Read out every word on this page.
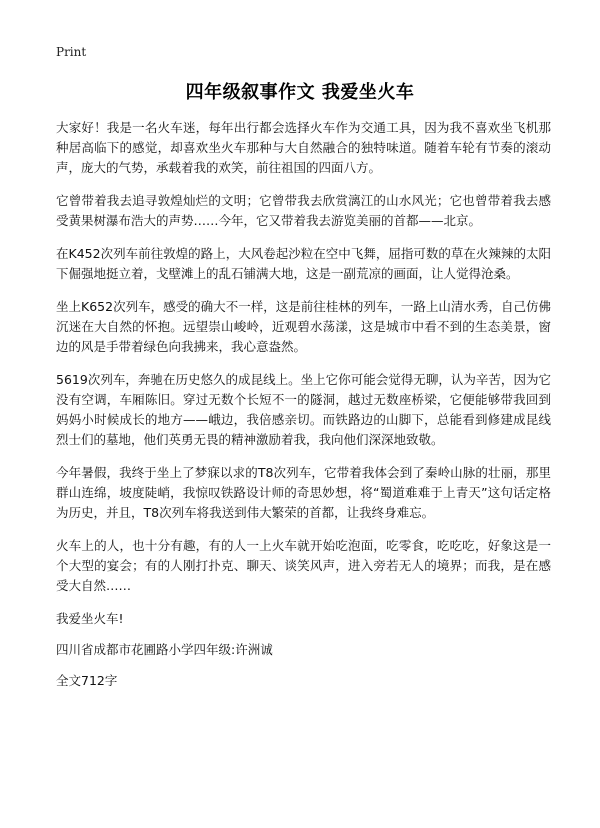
Print
四年级叙事作文 我爱坐火车

大家好！我是一名火车迷，每年出行都会选择火车作为交通工具，因为我不喜欢坐飞机那种居高临下的感觉，却喜欢坐火车那种与大自然融合的独特味道。随着车轮有节奏的滚动声，庞大的气势，承载着我的欢笑，前往祖国的四面八方。

它曾带着我去追寻敦煌灿烂的文明；它曾带我去欣赏漓江的山水风光；它也曾带着我去感受黄果树瀑布浩大的声势……今年，它又带着我去游览美丽的首都——北京。

在K452次列车前往敦煌的路上，大风卷起沙粒在空中飞舞，屈指可数的草在火辣辣的太阳下倔强地挺立着，戈壁滩上的乱石铺满大地，这是一副荒凉的画面，让人觉得沧桑。

坐上K652次列车，感受的确大不一样，这是前往桂林的列车，一路上山清水秀，自己仿佛沉迷在大自然的怀抱。远望崇山峻岭，近观碧水荡漾，这是城市中看不到的生态美景，窗边的风是手带着绿色向我拂来，我心意盎然。

5619次列车，奔驰在历史悠久的成昆线上。坐上它你可能会觉得无聊，认为辛苦，因为它没有空调，车厢陈旧。穿过无数个长短不一的隧洞，越过无数座桥梁，它便能够带我回到妈妈小时候成长的地方——峨边，我倍感亲切。而铁路边的山脚下，总能看到修建成昆线烈士们的墓地，他们英勇无畏的精神激励着我，我向他们深深地致敬。

今年暑假，我终于坐上了梦寐以求的T8次列车，它带着我体会到了秦岭山脉的壮丽，那里群山连绵，坡度陡峭，我惊叹铁路设计师的奇思妙想，将“蜀道难难于上青天”这句话定格为历史，并且，T8次列车将我送到伟大繁荣的首都，让我终身难忘。

火车上的人，也十分有趣，有的人一上火车就开始吃泡面，吃零食，吃吃吃，好象这是一个大型的宴会；有的人刚打扑克、聊天、谈笑风声，进入旁若无人的境界；而我，是在感受大自然……

我爱坐火车!

四川省成都市花圃路小学四年级:许洲诚

全文712字
